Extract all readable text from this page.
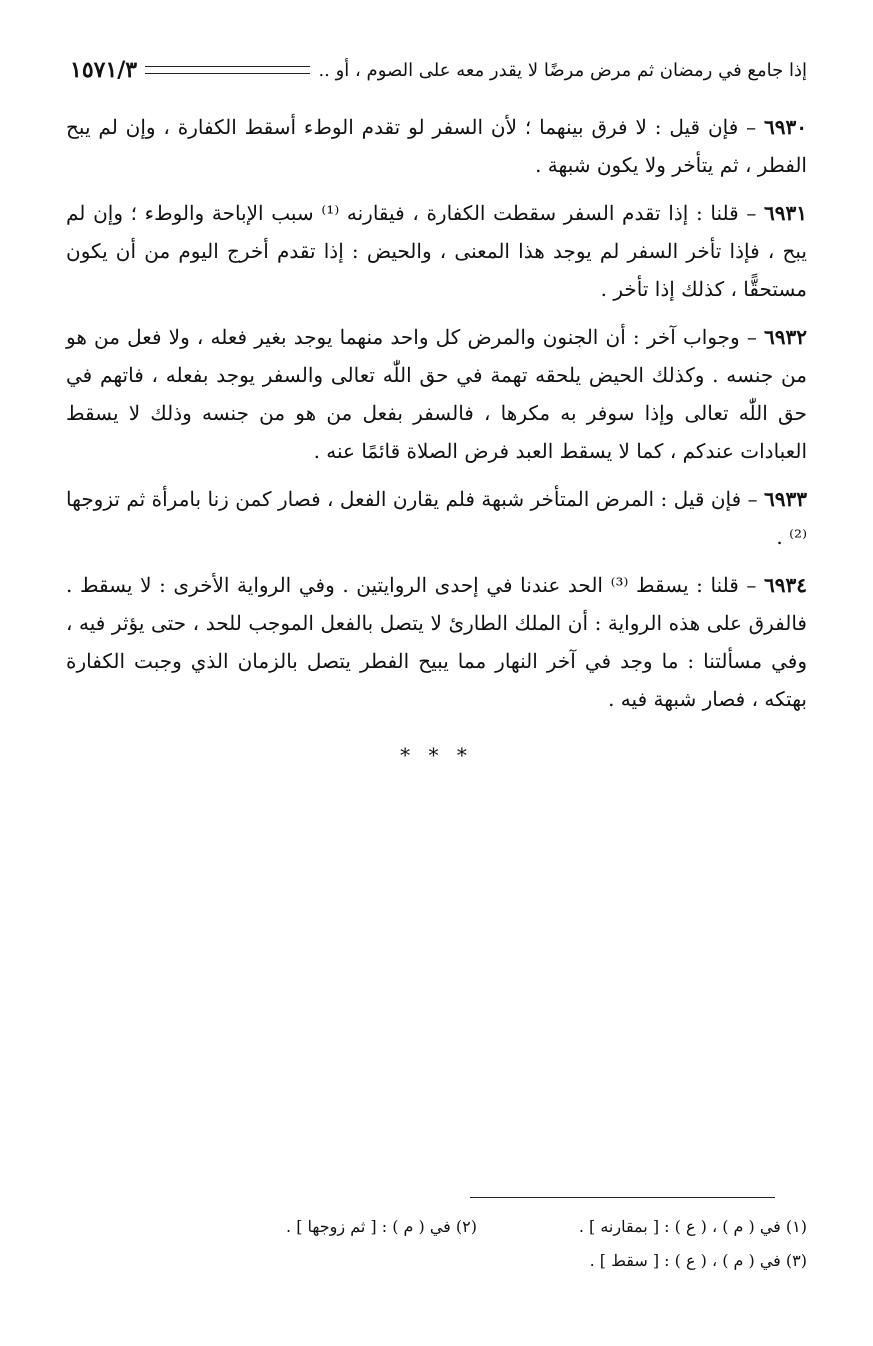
إذا جامع في رمضان ثم مرض مرضًا لا يقدر معه على الصوم ، أو ..
١٥٧١/٣

٦٩٣٠ – فإن قيل : لا فرق بينهما ؛ لأن السفر لو تقدم الوطء أسقط الكفارة ، وإن لم يبح الفطر ، ثم يتأخر ولا يكون شبهة .

٦٩٣١ – قلنا : إذا تقدم السفر سقطت الكفارة ، فيقارنه ⁽¹⁾ سبب الإباحة والوطء ؛ وإن لم يبح ، فإذا تأخر السفر لم يوجد هذا المعنى ، والحيض : إذا تقدم أخرج اليوم من أن يكون مستحقًّا ، كذلك إذا تأخر .

٦٩٣٢ – وجواب آخر : أن الجنون والمرض كل واحد منهما يوجد بغير فعله ، ولا فعل من هو من جنسه . وكذلك الحيض يلحقه تهمة في حق اللّٰه تعالى والسفر يوجد بفعله ، فاتهم في حق اللّٰه تعالى وإذا سوفر به مكرها ، فالسفر بفعل من هو من جنسه وذلك لا يسقط العبادات عندكم ، كما لا يسقط العبد فرض الصلاة قائمًا عنه .

٦٩٣٣ – فإن قيل : المرض المتأخر شبهة فلم يقارن الفعل ، فصار كمن زنا بامرأة ثم تزوجها ⁽²⁾ .

٦٩٣٤ – قلنا : يسقط ⁽³⁾ الحد عندنا في إحدى الروايتين . وفي الرواية الأخرى : لا يسقط . فالفرق على هذه الرواية : أن الملك الطارئ لا يتصل بالفعل الموجب للحد ، حتى يؤثر فيه ، وفي مسألتنا : ما وجد في آخر النهار مما يبيح الفطر يتصل بالزمان الذي وجبت الكفارة بهتكه ، فصار شبهة فيه .

* * *
(١) في ( م ) ، ( ع ) : [ بمقارنه ] .
(٢) في ( م ) : [ ثم زوجها ] .
(٣) في ( م ) ، ( ع ) : [ سقط ] .
